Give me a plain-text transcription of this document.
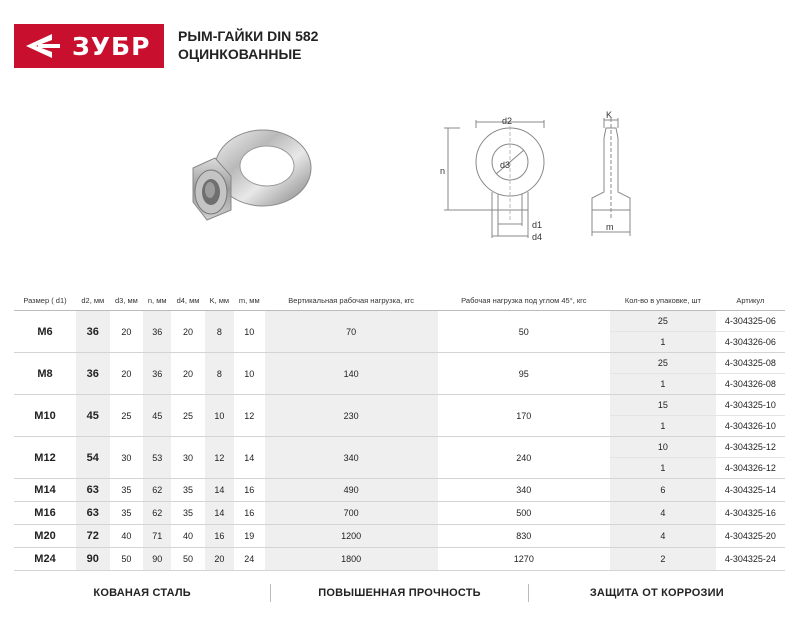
ЗУБР РЫМ-ГАЙКИ DIN 582
ОЦИНКОВАННЫЕ
d2
n
d3
d1
d4
K
m
Размер ( d1)	d2, мм	d3, мм	n, мм	d4, мм	K, мм	m, мм	Вертикальная рабочая нагрузка, кгс	Рабочая нагрузка под углом 45°, кгс	Кол-во в упаковке, шт	Артикул
M6	36	20	36	20	8	10	70	50	25	4-304325-06
									1	4-304326-06
M8	36	20	36	20	8	10	140	95	25	4-304325-08
									1	4-304326-08
M10	45	25	45	25	10	12	230	170	15	4-304325-10
									1	4-304326-10
M12	54	30	53	30	12	14	340	240	10	4-304325-12
									1	4-304326-12
M14	63	35	62	35	14	16	490	340	6	4-304325-14
M16	63	35	62	35	14	16	700	500	4	4-304325-16
M20	72	40	71	40	16	19	1200	830	4	4-304325-20
M24	90	50	90	50	20	24	1800	1270	2	4-304325-24
КОВАНАЯ СТАЛЬ	ПОВЫШЕННАЯ ПРОЧНОСТЬ	ЗАЩИТА ОТ КОРРОЗИИ
